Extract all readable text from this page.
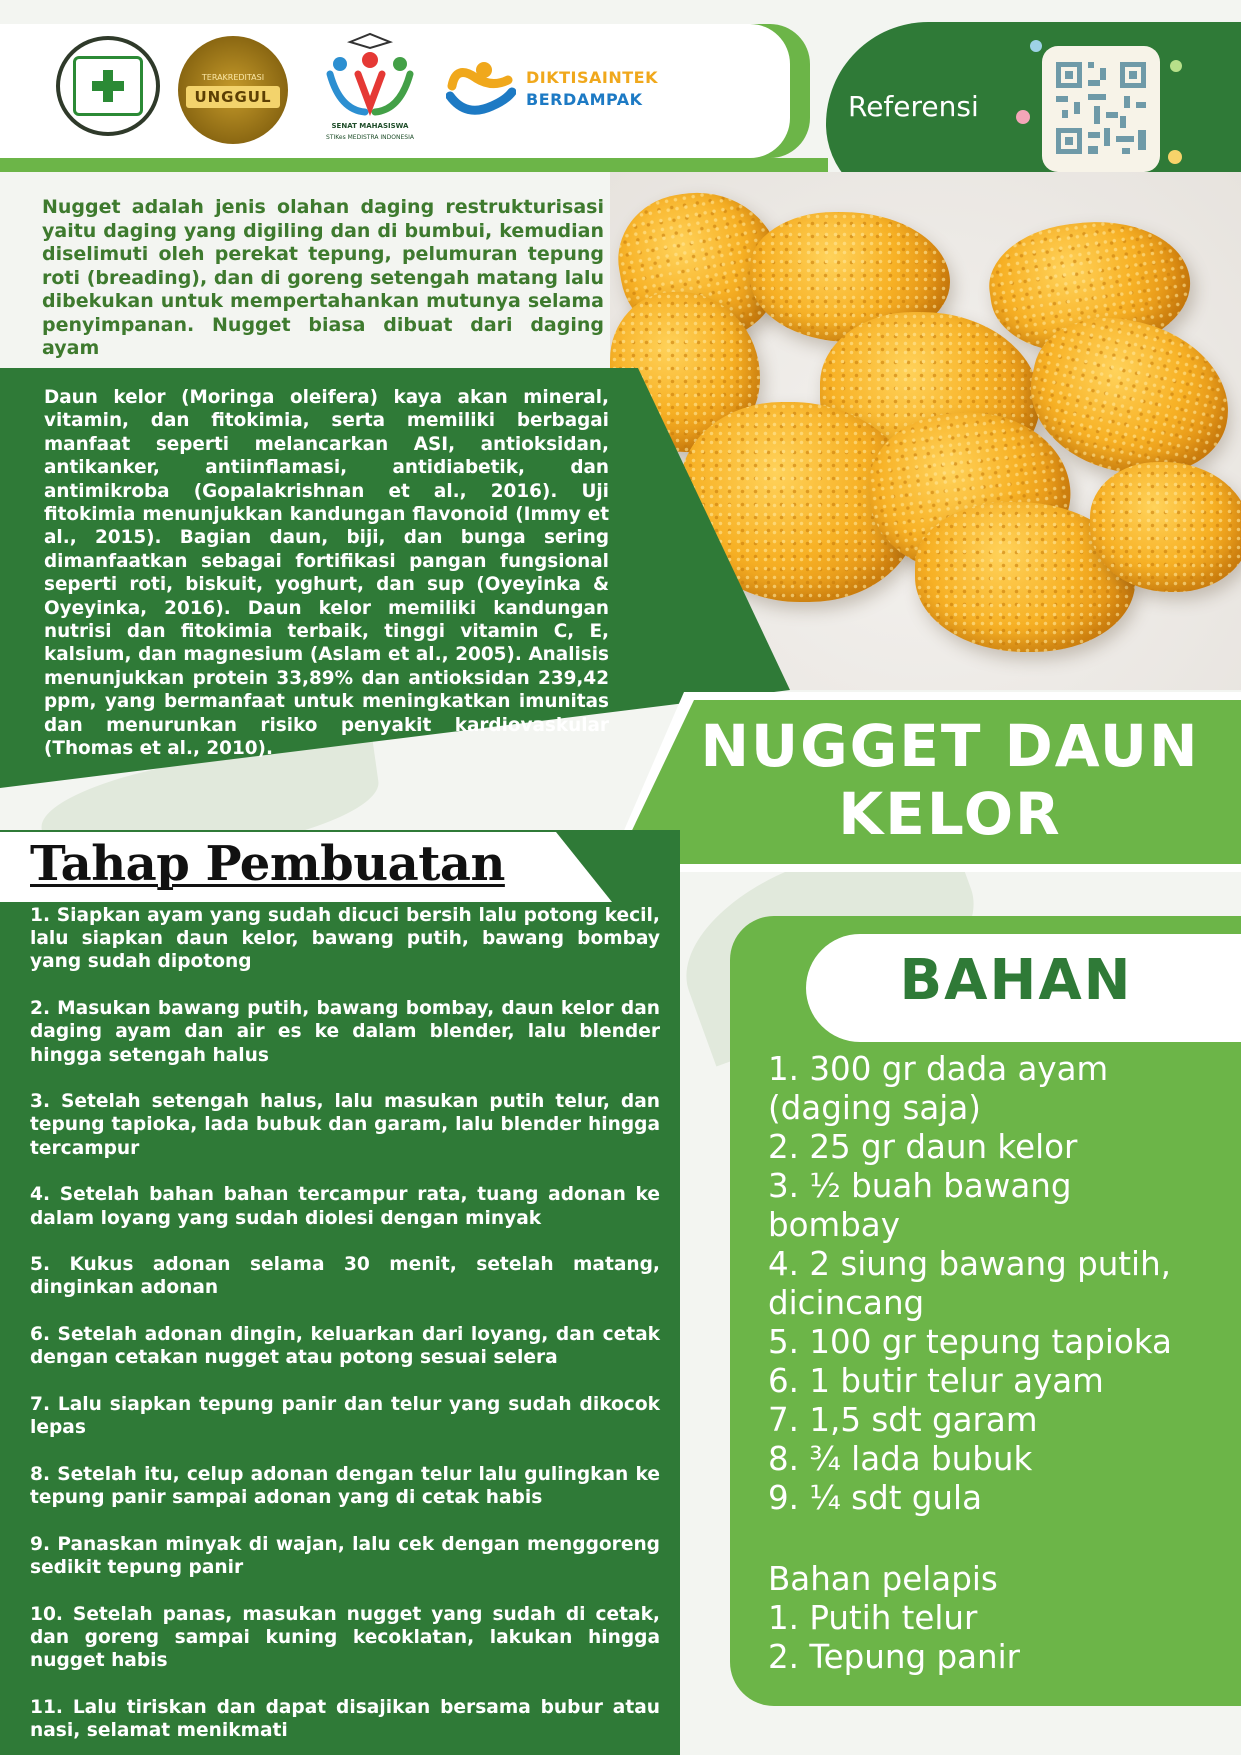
TERAKREDITASI
UNGGUL
SENAT MAHASISWA
STIKes MEDISTRA INDONESIA
DIKTISAINTEK
BERDAMPAK	Referensi
Nugget adalah jenis olahan daging restrukturisasi yaitu daging yang digiling dan di bumbui, kemudian diselimuti oleh perekat tepung, pelumuran tepung roti (breading), dan di goreng setengah matang lalu dibekukan untuk mempertahankan mutunya selama penyimpanan. Nugget biasa dibuat dari daging ayam
Daun kelor (Moringa oleifera) kaya akan mineral, vitamin, dan fitokimia, serta memiliki berbagai manfaat seperti melancarkan ASI, antioksidan, antikanker, antiinflamasi, antidiabetik, dan antimikroba (Gopalakrishnan et al., 2016). Uji fitokimia menunjukkan kandungan flavonoid (Immy et al., 2015). Bagian daun, biji, dan bunga sering dimanfaatkan sebagai fortifikasi pangan fungsional seperti roti, biskuit, yoghurt, dan sup (Oyeyinka & Oyeyinka, 2016). Daun kelor memiliki kandungan nutrisi dan fitokimia terbaik, tinggi vitamin C, E, kalsium, dan magnesium (Aslam et al., 2005). Analisis menunjukkan protein 33,89% dan antioksidan 239,42 ppm, yang bermanfaat untuk meningkatkan imunitas dan menurunkan risiko penyakit kardiovaskular (Thomas et al., 2010).	NUGGET DAUN
KELOR
Tahap Pembuatan
1. Siapkan ayam yang sudah dicuci bersih lalu potong kecil, lalu siapkan daun kelor, bawang putih, bawang bombay yang sudah dipotong
2. Masukan bawang putih, bawang bombay, daun kelor dan daging ayam dan air es ke dalam blender, lalu blender hingga setengah halus
3. Setelah setengah halus, lalu masukan putih telur, dan tepung tapioka, lada bubuk dan garam, lalu blender hingga tercampur
4. Setelah bahan bahan tercampur rata, tuang adonan ke dalam loyang yang sudah diolesi dengan minyak
5. Kukus adonan selama 30 menit, setelah matang, dinginkan adonan
6. Setelah adonan dingin, keluarkan dari loyang, dan cetak dengan cetakan nugget atau potong sesuai selera
7. Lalu siapkan tepung panir dan telur yang sudah dikocok lepas
8. Setelah itu, celup adonan dengan telur lalu gulingkan ke tepung panir sampai adonan yang di cetak habis
9. Panaskan minyak di wajan, lalu cek dengan menggoreng sedikit tepung panir
10. Setelah panas, masukan nugget yang sudah di cetak, dan goreng sampai kuning kecoklatan, lakukan hingga nugget habis
11. Lalu tiriskan dan dapat disajikan bersama bubur atau nasi, selamat menikmati
BAHAN
1. 300 gr dada ayam (daging saja)
2. 25 gr daun kelor
3. ½ buah bawang bombay
4. 2 siung bawang putih, dicincang
5. 100 gr tepung tapioka
6. 1 butir telur ayam
7. 1,5 sdt garam
8. ¾ lada bubuk
9. ¼ sdt gula
Bahan pelapis
1. Putih telur
2. Tepung panir
